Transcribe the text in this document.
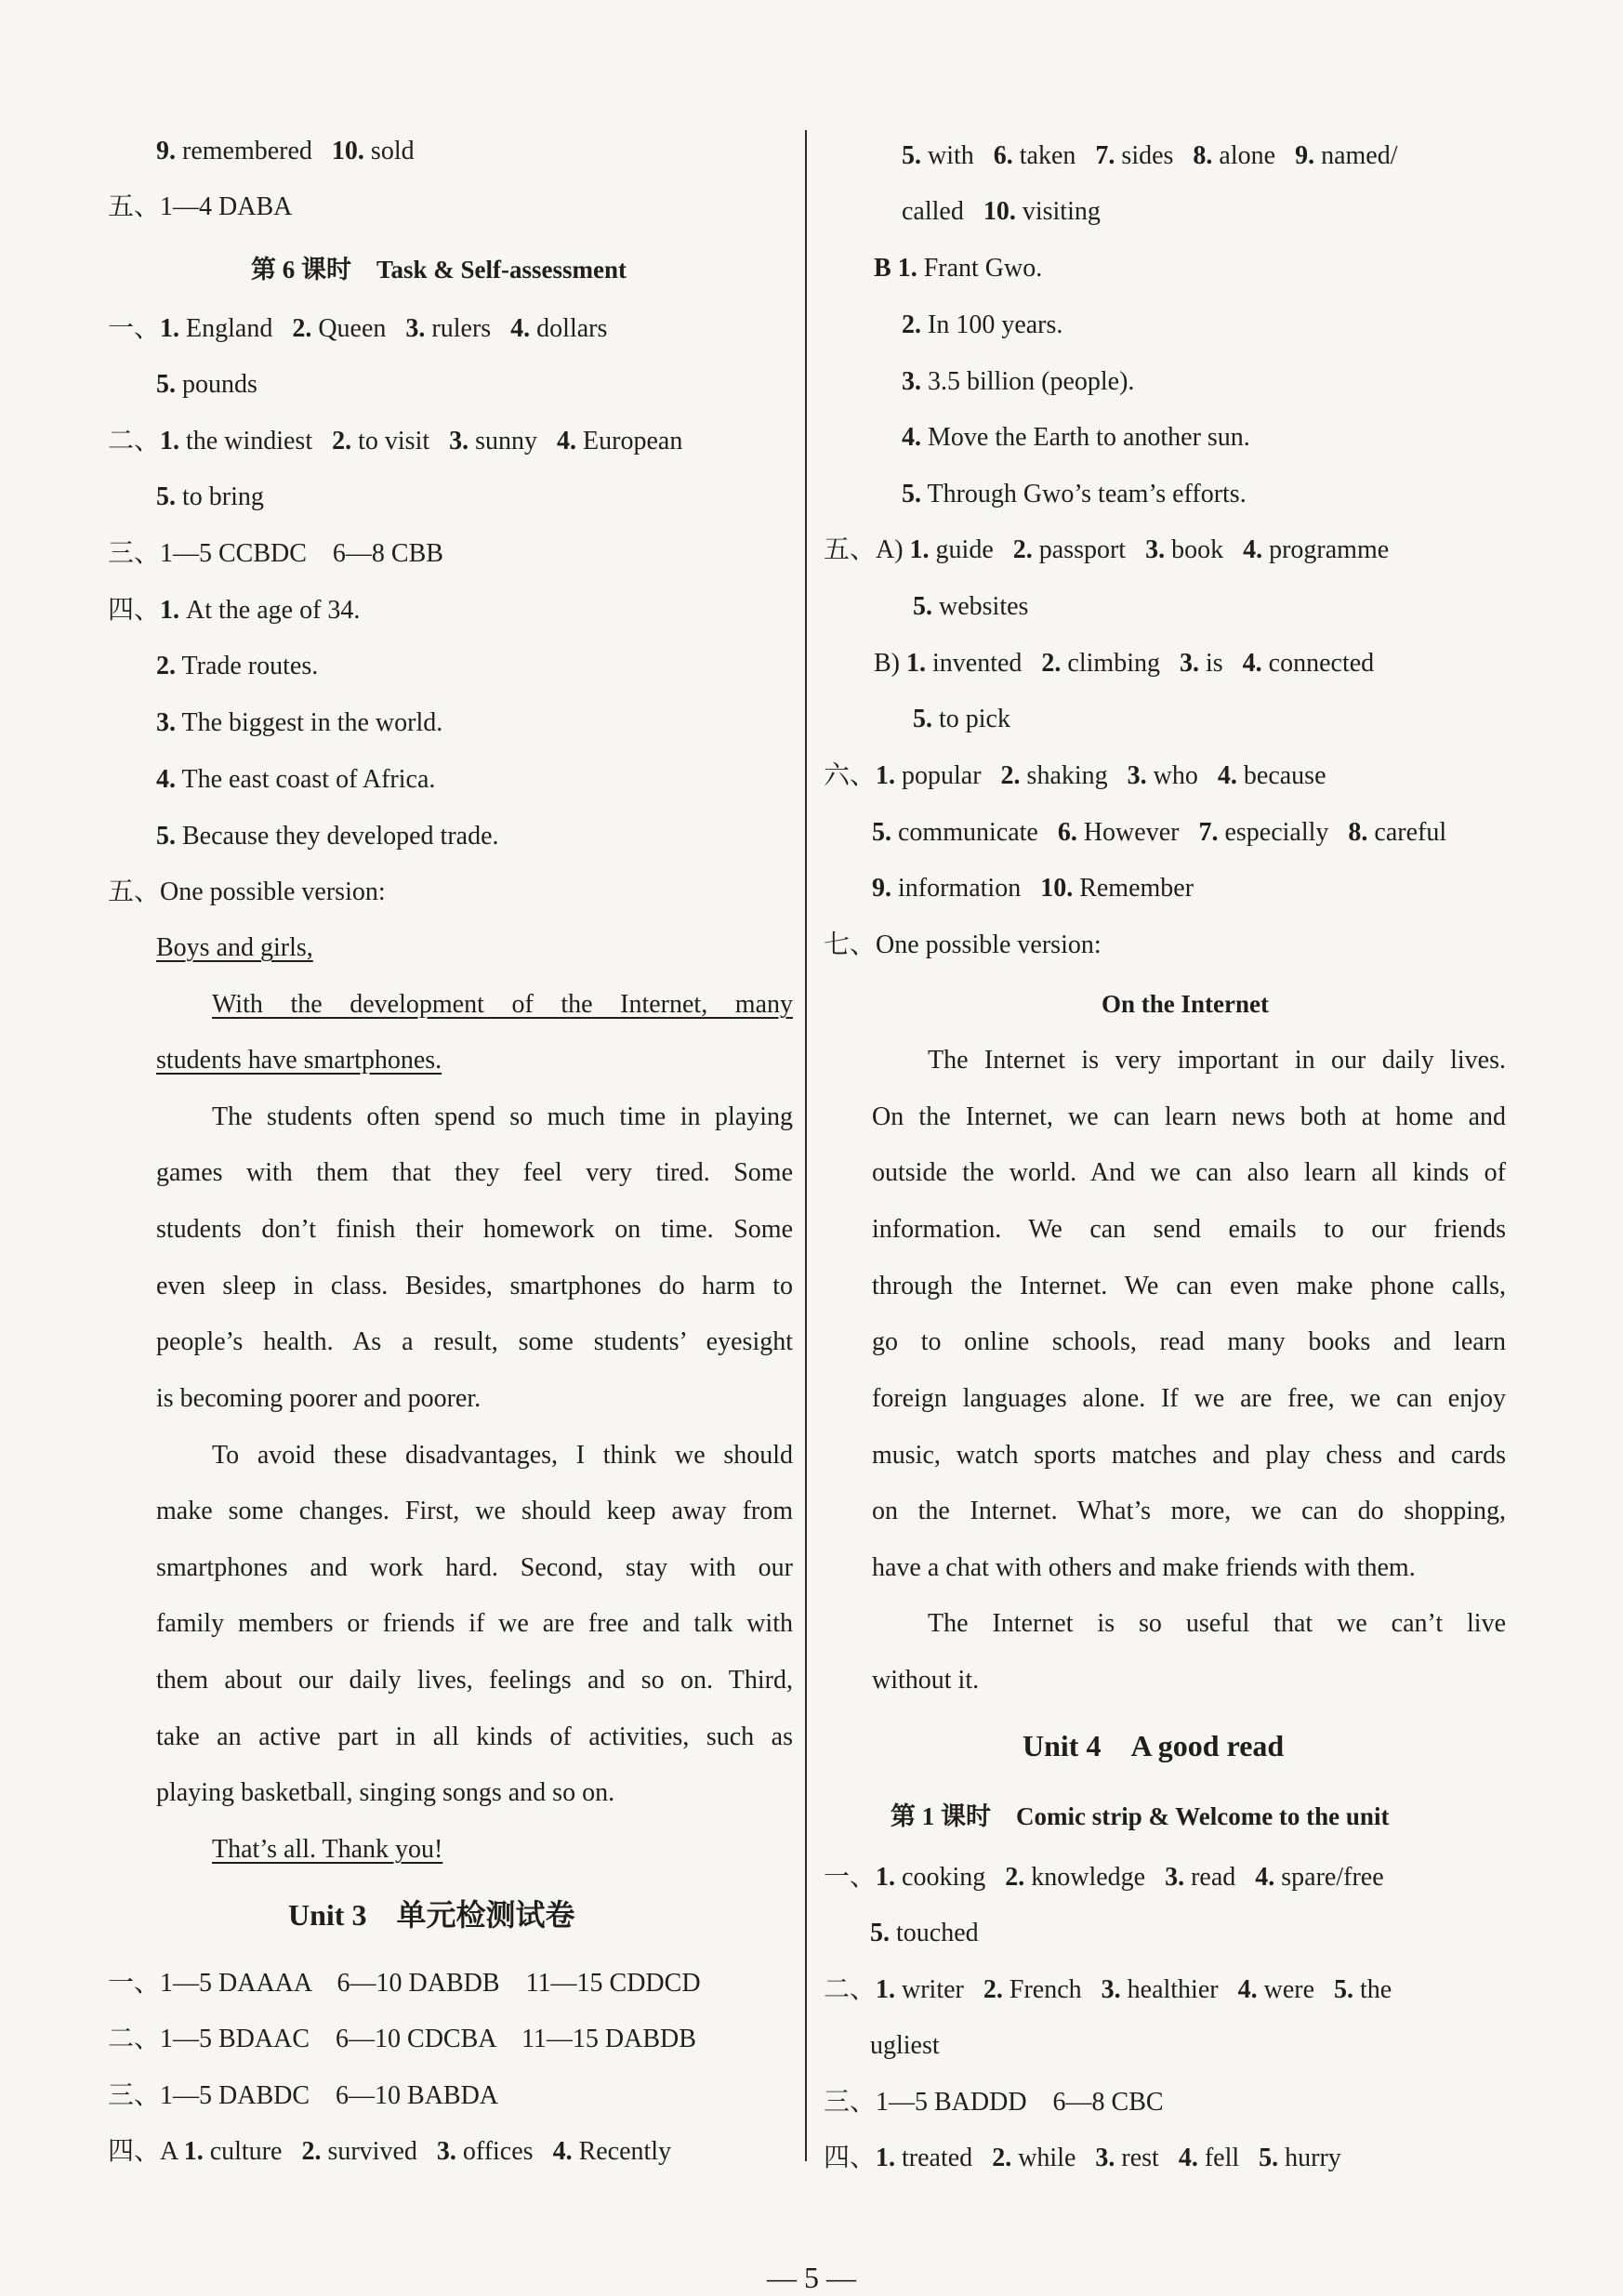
9. remembered 10. sold
五、1—4 DABA
第 6 课时　Task & Self-assessment
一、1. England 2. Queen 3. rulers 4. dollars
5. pounds
二、1. the windiest 2. to visit 3. sunny 4. European
5. to bring
三、1—5 CCBDC　6—8 CBB
四、1. At the age of 34.
2. Trade routes.
3. The biggest in the world.
4. The east coast of Africa.
5. Because they developed trade.
五、One possible version:
Boys and girls,
With the development of the Internet, many
students have smartphones.
The students often spend so much time in playing
games with them that they feel very tired. Some
students don’t finish their homework on time. Some
even sleep in class. Besides, smartphones do harm to
people’s health. As a result, some students’ eyesight
is becoming poorer and poorer.
To avoid these disadvantages, I think we should
make some changes. First, we should keep away from
smartphones and work hard. Second, stay with our
family members or friends if we are free and talk with
them about our daily lives, feelings and so on. Third,
take an active part in all kinds of activities, such as
playing basketball, singing songs and so on.
That’s all. Thank you!
Unit 3　单元检测试卷
一、1—5 DAAAA　6—10 DABDB　11—15 CDDCD
二、1—5 BDAAC　6—10 CDCBA　11—15 DABDB
三、1—5 DABDC　6—10 BABDA
四、A 1. culture 2. survived 3. offices 4. Recently
5. with 6. taken 7. sides 8. alone 9. named/
called 10. visiting
B 1. Frant Gwo.
2. In 100 years.
3. 3.5 billion (people).
4. Move the Earth to another sun.
5. Through Gwo’s team’s efforts.
五、A) 1. guide 2. passport 3. book 4. programme
5. websites
B) 1. invented 2. climbing 3. is 4. connected
5. to pick
六、1. popular 2. shaking 3. who 4. because
5. communicate 6. However 7. especially 8. careful
9. information 10. Remember
七、One possible version:
On the Internet
The Internet is very important in our daily lives.
On the Internet, we can learn news both at home and
outside the world. And we can also learn all kinds of
information. We can send emails to our friends
through the Internet. We can even make phone calls,
go to online schools, read many books and learn
foreign languages alone. If we are free, we can enjoy
music, watch sports matches and play chess and cards
on the Internet. What’s more, we can do shopping,
have a chat with others and make friends with them.
The Internet is so useful that we can’t live
without it.
Unit 4　A good read
第 1 课时　Comic strip & Welcome to the unit
一、1. cooking 2. knowledge 3. read 4. spare/free
5. touched
二、1. writer 2. French 3. healthier 4. were 5. the
ugliest
三、1—5 BADDD　6—8 CBC
四、1. treated 2. while 3. rest 4. fell 5. hurry
— 5 —
